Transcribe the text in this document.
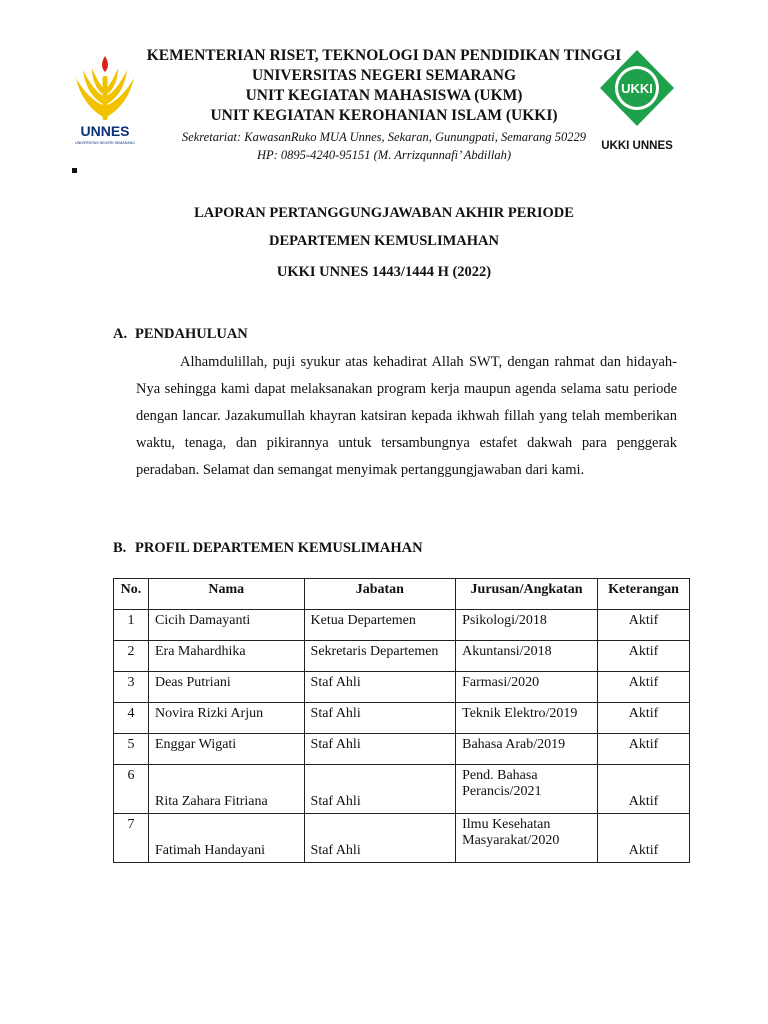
UNNES
UNIVERSITAS NEGERI SEMARANG
KEMENTERIAN RISET, TEKNOLOGI DAN PENDIDIKAN TINGGI
UNIVERSITAS NEGERI SEMARANG
UNIT KEGIATAN MAHASISWA (UKM)
UNIT KEGIATAN KEROHANIAN ISLAM (UKKI)
Sekretariat: KawasanRuko MUA Unnes, Sekaran, Gunungpati, Semarang 50229
HP: 0895-4240-95151 (M. Arrizqunnafi’ Abdillah)
UKKI
UKKI UNNES
LAPORAN PERTANGGUNGJAWABAN AKHIR PERIODE
DEPARTEMEN KEMUSLIMAHAN
UKKI UNNES 1443/1444 H (2022)
A. PENDAHULUAN
Alhamdulillah, puji syukur atas kehadirat Allah SWT, dengan rahmat dan hidayah-Nya sehingga kami dapat melaksanakan program kerja maupun agenda selama satu periode dengan lancar. Jazakumullah khayran katsiran kepada ikhwah fillah yang telah memberikan waktu, tenaga, dan pikirannya untuk tersambungnya estafet dakwah para penggerak peradaban. Selamat dan semangat menyimak pertanggungjawaban dari kami.
B. PROFIL DEPARTEMEN KEMUSLIMAHAN
No.	Nama	Jabatan	Jurusan/Angkatan	Keterangan
1	Cicih Damayanti	Ketua Departemen	Psikologi/2018	Aktif
2	Era Mahardhika	Sekretaris Departemen	Akuntansi/2018	Aktif
3	Deas Putriani	Staf Ahli	Farmasi/2020	Aktif
4	Novira Rizki Arjun	Staf Ahli	Teknik Elektro/2019	Aktif
5	Enggar Wigati	Staf Ahli	Bahasa Arab/2019	Aktif
6	Rita Zahara Fitriana	Staf Ahli	Pend. Bahasa Perancis/2021	Aktif
7	Fatimah Handayani	Staf Ahli	Ilmu Kesehatan Masyarakat/2020	Aktif
